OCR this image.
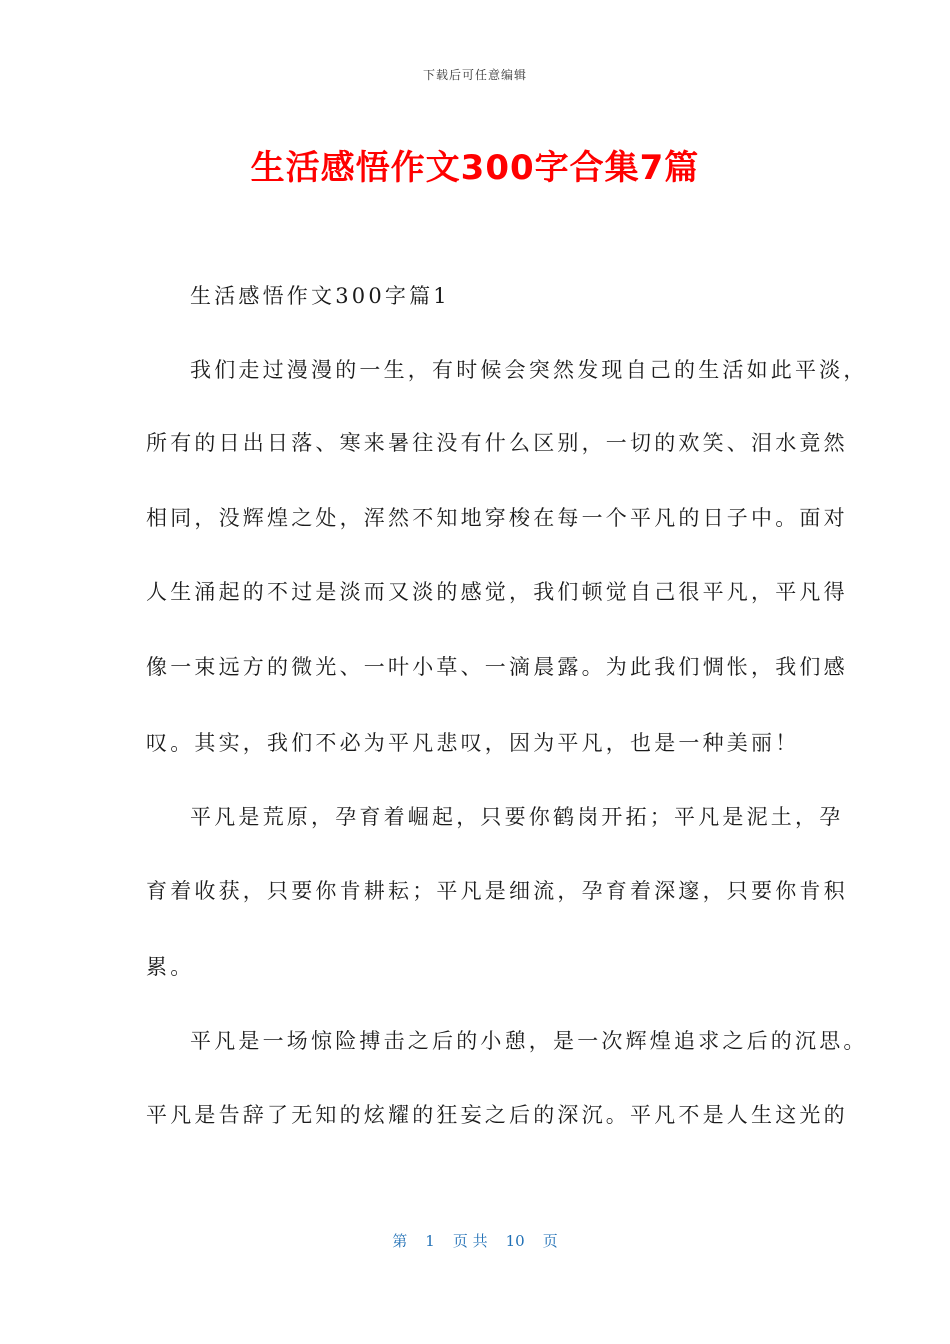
下载后可任意编辑
生活感悟作文300字合集7篇
生活感悟作文300字篇1
我们走过漫漫的一生，有时候会突然发现自己的生活如此平淡，
所有的日出日落、寒来暑往没有什么区别，一切的欢笑、泪水竟然
相同，没辉煌之处，浑然不知地穿梭在每一个平凡的日子中。面对
人生涌起的不过是淡而又淡的感觉，我们顿觉自己很平凡，平凡得
像一束远方的微光、一叶小草、一滴晨露。为此我们惆怅，我们感
叹。其实，我们不必为平凡悲叹，因为平凡，也是一种美丽！
平凡是荒原，孕育着崛起，只要你鹤岗开拓；平凡是泥土，孕
育着收获，只要你肯耕耘；平凡是细流，孕育着深邃，只要你肯积
累。
平凡是一场惊险搏击之后的小憩，是一次辉煌追求之后的沉思。
平凡是告辞了无知的炫耀的狂妄之后的深沉。平凡不是人生这光的
第 1 页 共 10 页
